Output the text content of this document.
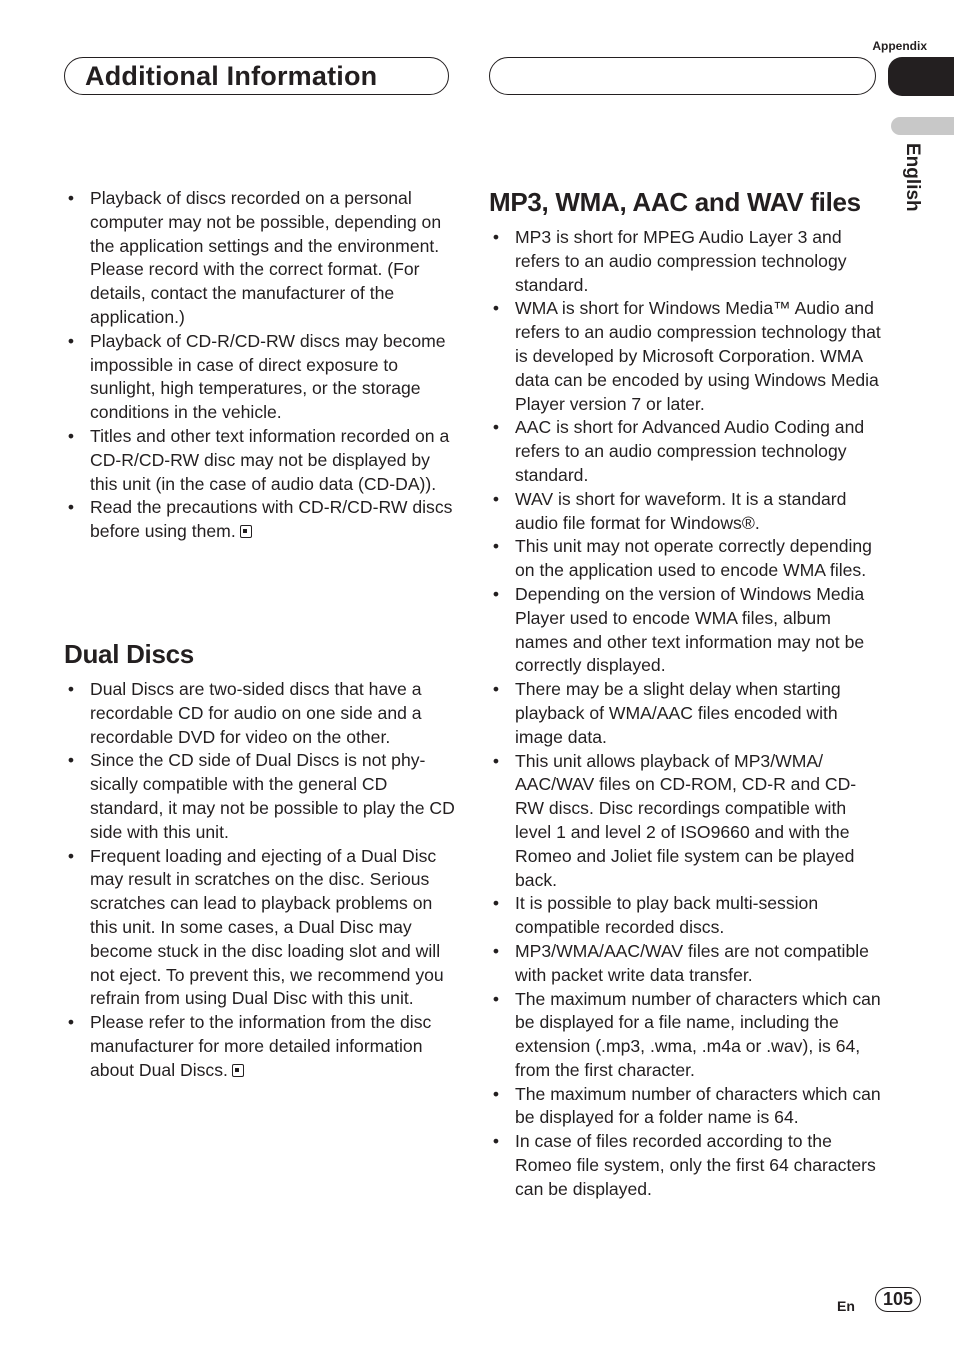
Appendix
Additional Information
English
• Playback of discs recorded on a personal computer may not be possible, depending on the application settings and the environment. Please record with the correct format. (For details, contact the manufacturer of the application.)
• Playback of CD-R/CD-RW discs may become impossible in case of direct exposure to sunlight, high temperatures, or the storage conditions in the vehicle.
• Titles and other text information recorded on a CD-R/CD-RW disc may not be displayed by this unit (in the case of audio data (CD-DA)).
• Read the precautions with CD-R/CD-RW discs before using them.
Dual Discs
• Dual Discs are two-sided discs that have a recordable CD for audio on one side and a recordable DVD for video on the other.
• Since the CD side of Dual Discs is not physically compatible with the general CD standard, it may not be possible to play the CD side with this unit.
• Frequent loading and ejecting of a Dual Disc may result in scratches on the disc. Serious scratches can lead to playback problems on this unit. In some cases, a Dual Disc may become stuck in the disc loading slot and will not eject. To prevent this, we recommend you refrain from using Dual Disc with this unit.
• Please refer to the information from the disc manufacturer for more detailed information about Dual Discs.
MP3, WMA, AAC and WAV files
• MP3 is short for MPEG Audio Layer 3 and refers to an audio compression technology standard.
• WMA is short for Windows Media™ Audio and refers to an audio compression technology that is developed by Microsoft Corporation. WMA data can be encoded by using Windows Media Player version 7 or later.
• AAC is short for Advanced Audio Coding and refers to an audio compression technology standard.
• WAV is short for waveform. It is a standard audio file format for Windows®.
• This unit may not operate correctly depending on the application used to encode WMA files.
• Depending on the version of Windows Media Player used to encode WMA files, album names and other text information may not be correctly displayed.
• There may be a slight delay when starting playback of WMA/AAC files encoded with image data.
• This unit allows playback of MP3/WMA/ AAC/WAV files on CD-ROM, CD-R and CD-RW discs. Disc recordings compatible with level 1 and level 2 of ISO9660 and with the Romeo and Joliet file system can be played back.
• It is possible to play back multi-session compatible recorded discs.
• MP3/WMA/AAC/WAV files are not compatible with packet write data transfer.
• The maximum number of characters which can be displayed for a file name, including the extension (.mp3, .wma, .m4a or .wav), is 64, from the first character.
• The maximum number of characters which can be displayed for a folder name is 64.
• In case of files recorded according to the Romeo file system, only the first 64 characters can be displayed.
En	105
